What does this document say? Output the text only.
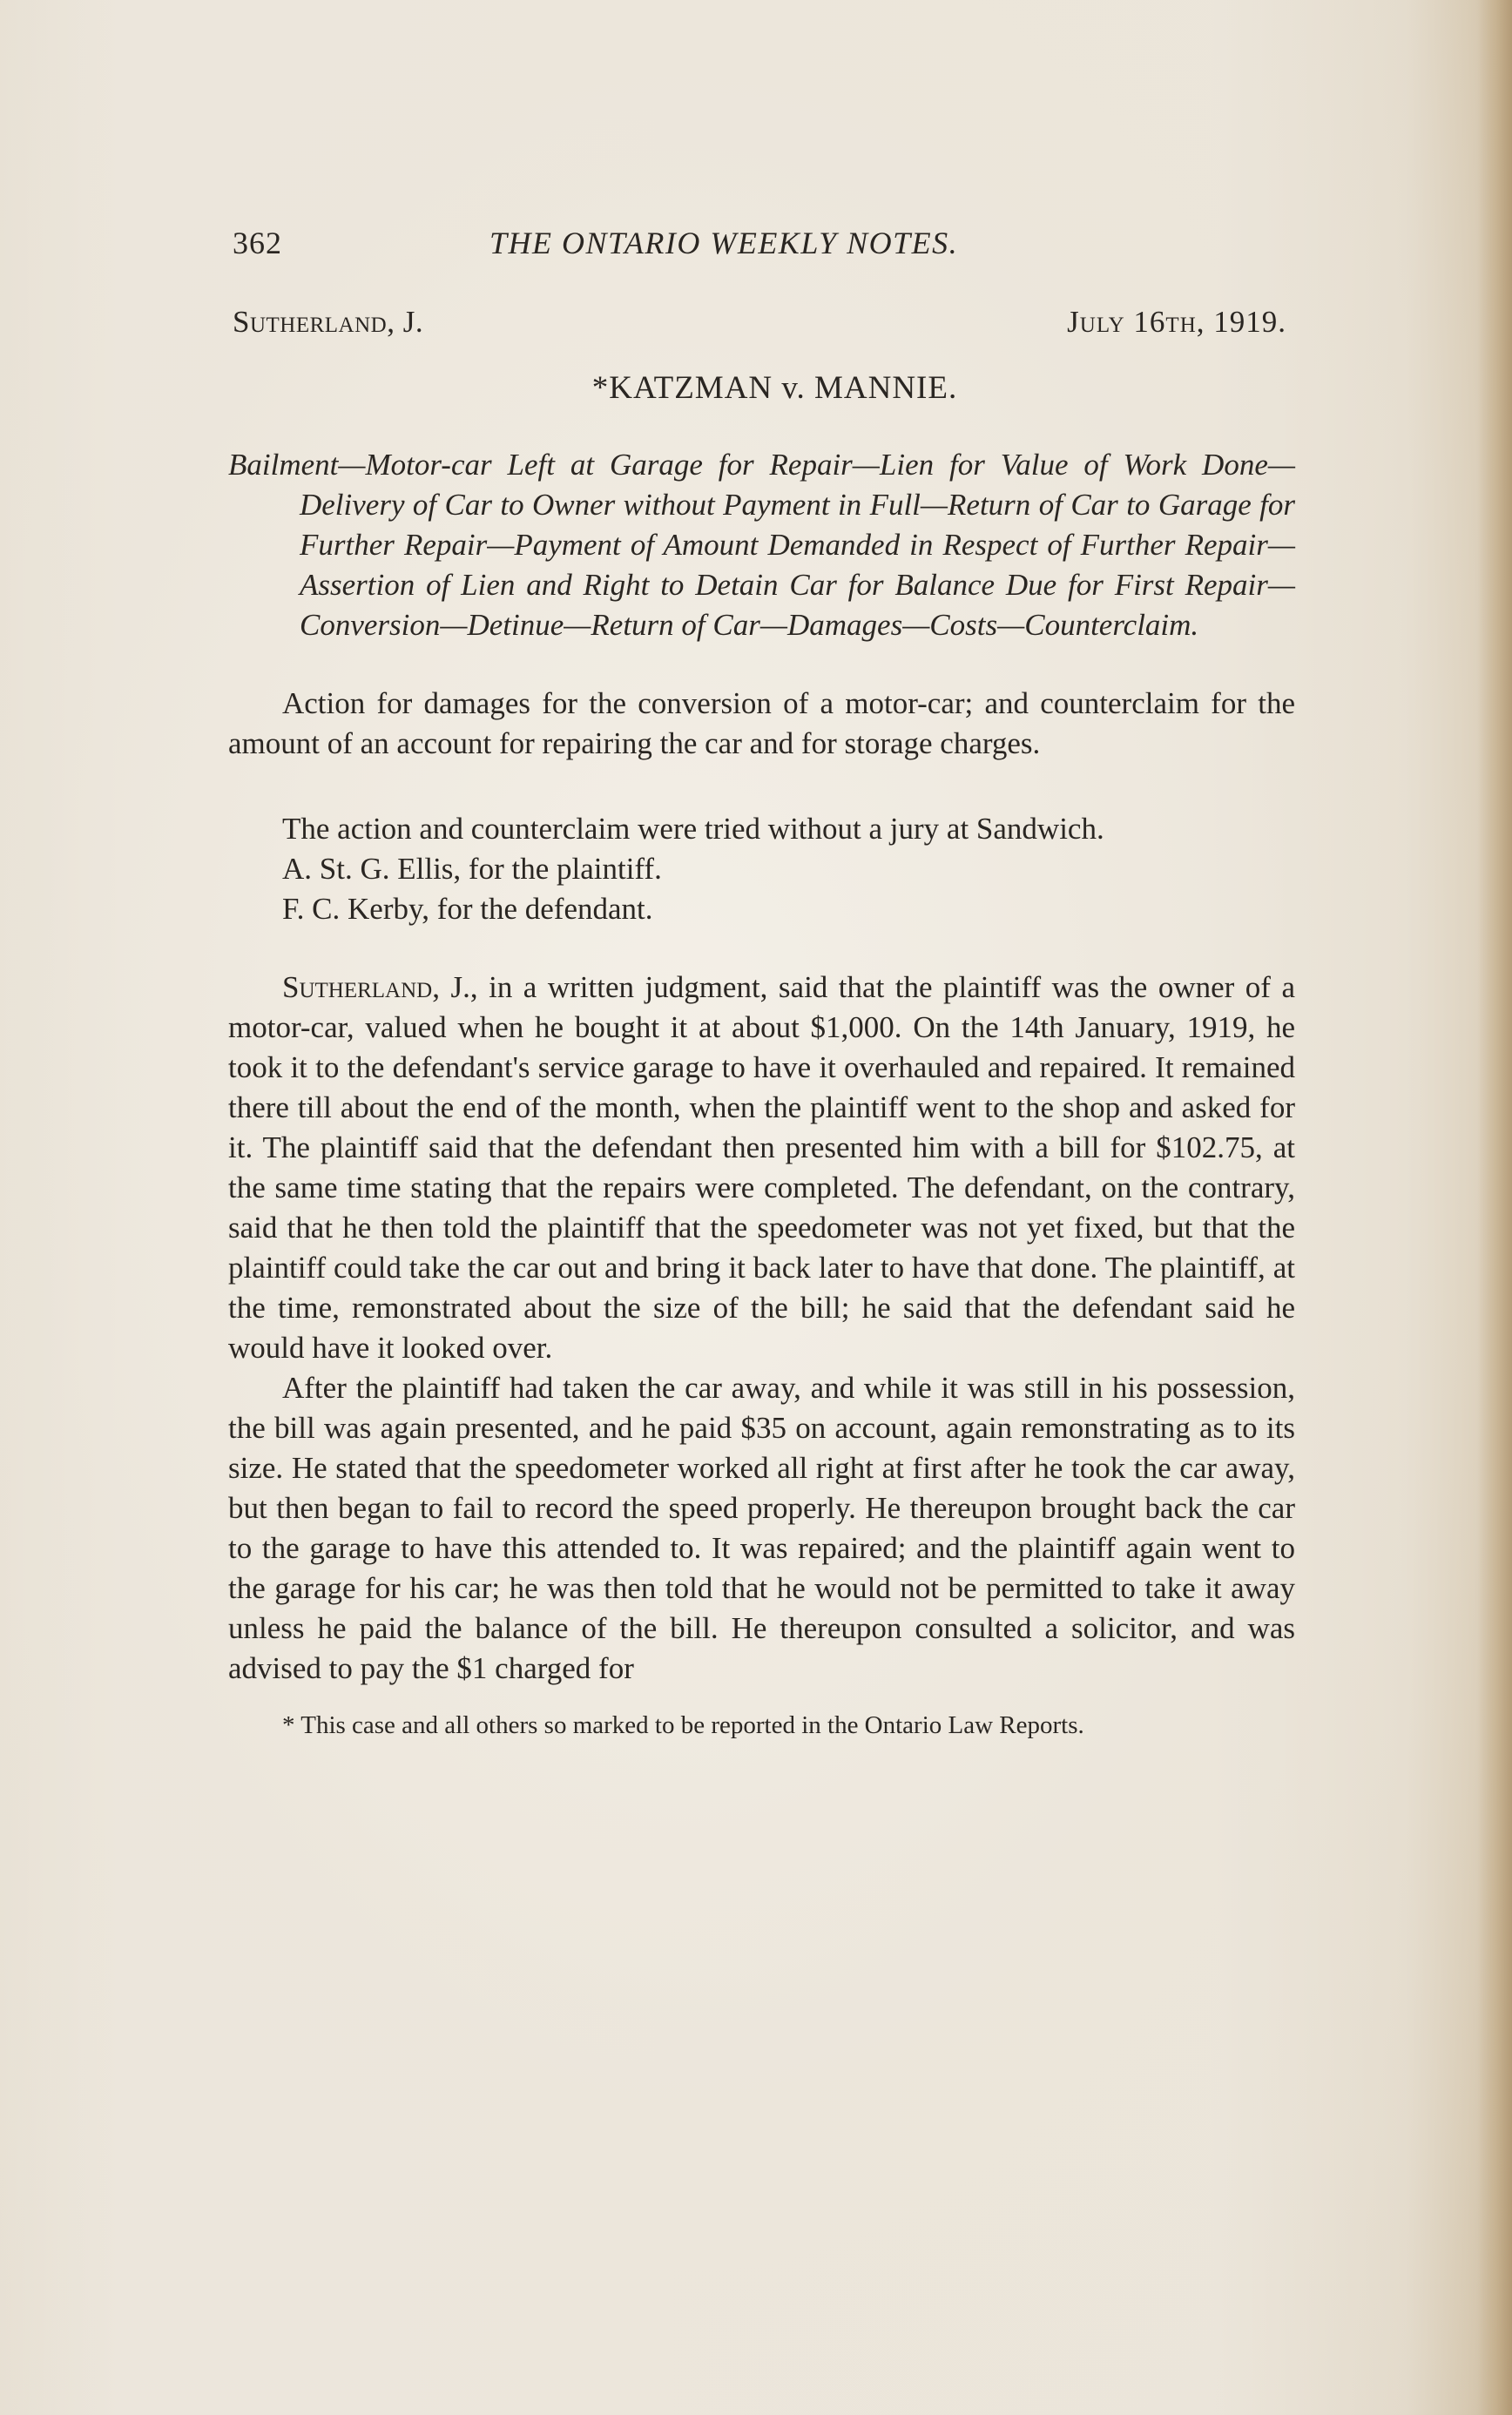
362	THE ONTARIO WEEKLY NOTES.
Sutherland, J.	July 16th, 1919.
*KATZMAN v. MANNIE.

Bailment—Motor-car Left at Garage for Repair—Lien for Value of Work Done—Delivery of Car to Owner without Payment in Full—Return of Car to Garage for Further Repair—Payment of Amount Demanded in Respect of Further Repair—Assertion of Lien and Right to Detain Car for Balance Due for First Repair—Conversion—Detinue—Return of Car—Damages—Costs—Counterclaim.

Action for damages for the conversion of a motor-car; and counterclaim for the amount of an account for repairing the car and for storage charges.

The action and counterclaim were tried without a jury at Sandwich.

A. St. G. Ellis, for the plaintiff.

F. C. Kerby, for the defendant.

Sutherland, J., in a written judgment, said that the plaintiff was the owner of a motor-car, valued when he bought it at about $1,000. On the 14th January, 1919, he took it to the defendant's service garage to have it overhauled and repaired. It remained there till about the end of the month, when the plaintiff went to the shop and asked for it. The plaintiff said that the defendant then presented him with a bill for $102.75, at the same time stating that the repairs were completed. The defendant, on the contrary, said that he then told the plaintiff that the speedometer was not yet fixed, but that the plaintiff could take the car out and bring it back later to have that done. The plaintiff, at the time, remonstrated about the size of the bill; he said that the defendant said he would have it looked over.

After the plaintiff had taken the car away, and while it was still in his possession, the bill was again presented, and he paid $35 on account, again remonstrating as to its size. He stated that the speedometer worked all right at first after he took the car away, but then began to fail to record the speed properly. He thereupon brought back the car to the garage to have this attended to. It was repaired; and the plaintiff again went to the garage for his car; he was then told that he would not be permitted to take it away unless he paid the balance of the bill. He thereupon consulted a solicitor, and was advised to pay the $1 charged for

* This case and all others so marked to be reported in the Ontario Law Reports.
